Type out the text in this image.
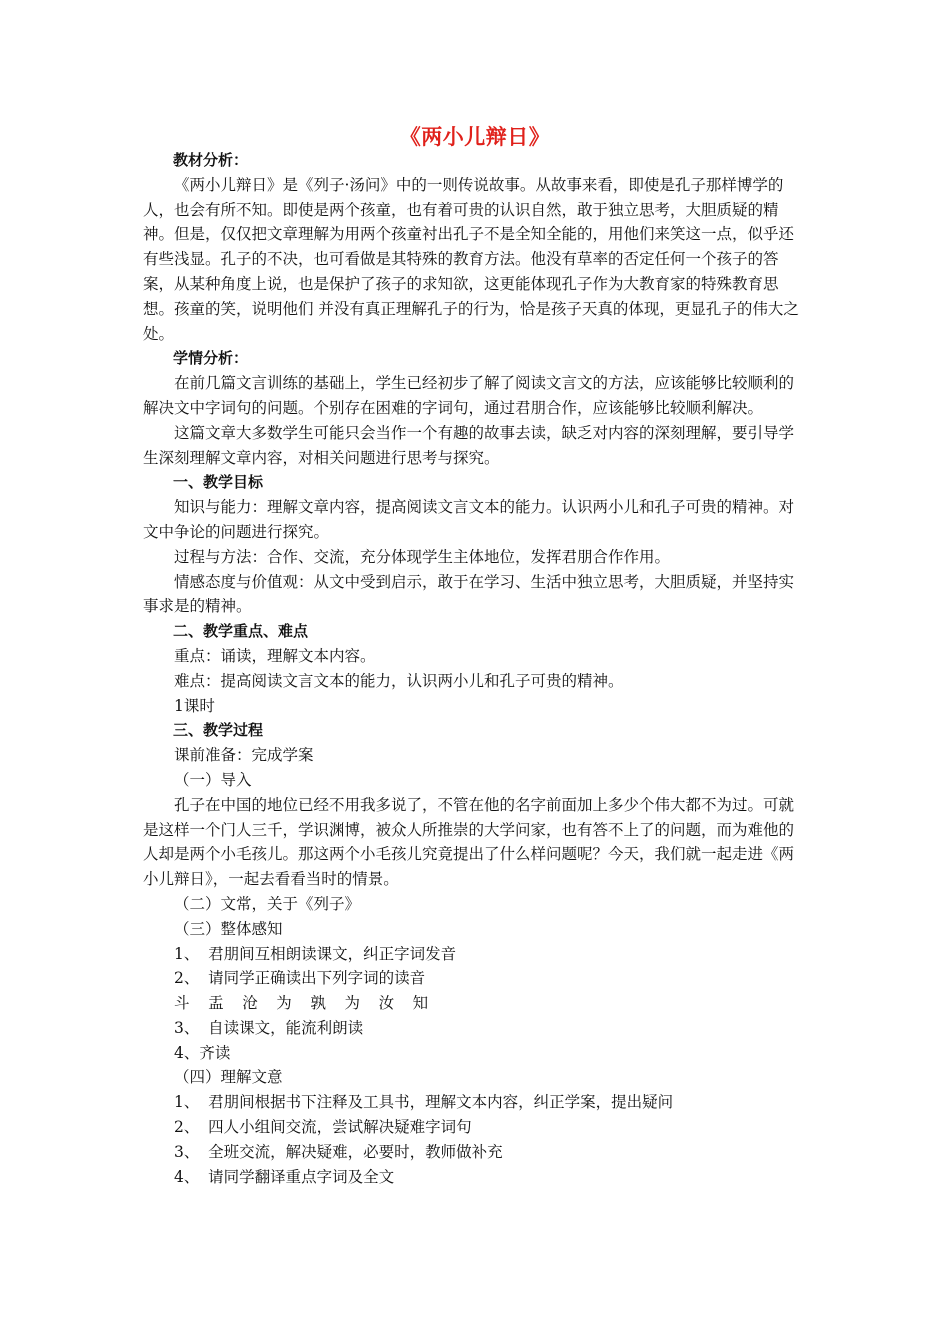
《两小儿辩日》

教材分析：

《两小儿辩日》是《列子·汤问》中的一则传说故事。从故事来看，即使是孔子那样博学的人，也会有所不知。即使是两个孩童，也有着可贵的认识自然，敢于独立思考，大胆质疑的精神。但是，仅仅把文章理解为用两个孩童衬出孔子不是全知全能的，用他们来笑这一点，似乎还有些浅显。孔子的不决，也可看做是其特殊的教育方法。他没有草率的否定任何一个孩子的答案，从某种角度上说，也是保护了孩子的求知欲，这更能体现孔子作为大教育家的特殊教育思想。孩童的笑，说明他们 并没有真正理解孔子的行为，恰是孩子天真的体现，更显孔子的伟大之处。

学情分析：

在前几篇文言训练的基础上，学生已经初步了解了阅读文言文的方法，应该能够比较顺利的解决文中字词句的问题。个别存在困难的字词句，通过君朋合作，应该能够比较顺利解决。

这篇文章大多数学生可能只会当作一个有趣的故事去读，缺乏对内容的深刻理解，要引导学生深刻理解文章内容，对相关问题进行思考与探究。

一、教学目标

知识与能力：理解文章内容，提高阅读文言文本的能力。认识两小儿和孔子可贵的精神。对文中争论的问题进行探究。

过程与方法：合作、交流，充分体现学生主体地位，发挥君朋合作作用。

情感态度与价值观：从文中受到启示，敢于在学习、生活中独立思考，大胆质疑，并坚持实事求是的精神。

二、教学重点、难点

重点：诵读，理解文本内容。

难点：提高阅读文言文本的能力，认识两小儿和孔子可贵的精神。

1课时

三、教学过程

课前准备：完成学案

（一）导入

孔子在中国的地位已经不用我多说了，不管在他的名字前面加上多少个伟大都不为过。可就是这样一个门人三千，学识渊博，被众人所推崇的大学问家，也有答不上了的问题，而为难他的人却是两个小毛孩儿。那这两个小毛孩儿究竟提出了什么样问题呢？今天，我们就一起走进《两小儿辩日》，一起去看看当时的情景。

（二）文常，关于《列子》

（三）整体感知

1、 君朋间互相朗读课文，纠正字词发音

2、 请同学正确读出下列字词的读音

斗 盂 沧 为 孰 为 汝 知

3、 自读课文，能流利朗读

4、齐读

（四）理解文意

1、 君朋间根据书下注释及工具书，理解文本内容，纠正学案，提出疑问

2、 四人小组间交流，尝试解决疑难字词句

3、 全班交流，解决疑难，必要时，教师做补充

4、 请同学翻译重点字词及全文
